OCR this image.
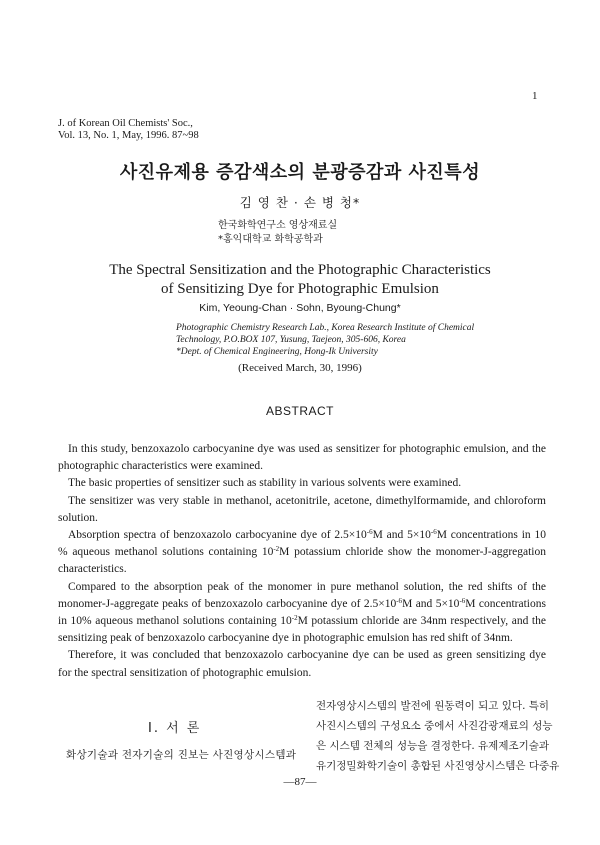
1
J. of Korean Oil Chemists' Soc.,
Vol. 13, No. 1, May, 1996. 87~98
사진유제용 증감색소의 분광증감과 사진특성
김 영 찬 · 손 병 청*
한국화학연구소 영상재료실
*홍익대학교 화학공학과
The Spectral Sensitization and the Photographic Characteristics
of Sensitizing Dye for Photographic Emulsion
Kim, Yeoung-Chan · Sohn, Byoung-Chung*
Photographic Chemistry Research Lab., Korea Research Institute of Chemical
Technology, P.O.BOX 107, Yusung, Taejeon, 305-606, Korea
*Dept. of Chemical Engineering, Hong-Ik University
(Received March, 30, 1996)
ABSTRACT

In this study, benzoxazolo carbocyanine dye was used as sensitizer for photographic emulsion, and the photographic characteristics were examined.

The basic properties of sensitizer such as stability in various solvents were examined.

The sensitizer was very stable in methanol, acetonitrile, acetone, dimethylformamide, and chloroform solution.

Absorption spectra of benzoxazolo carbocyanine dye of $2.5\times 10^{-6}M$ and $5\times 10^{-6}M$ concentrations in 10 % aqueous methanol solutions containing $10^{-2}M$ potassium chloride show the monomer-J-aggregation characteristics.

Compared to the absorption peak of the monomer in pure methanol solution, the red shifts of the monomer-J-aggregate peaks of benzoxazolo carbocyanine dye of $2.5\times 10^{-6}M$ and $5\times 10^{-6}M$ concentrations in 10% aqueous methanol solutions containing $10^{-2}M$ potassium chloride are 34nm respectively, and the sensitizing peak of benzoxazolo carbocyanine dye in photographic emulsion has red shift of 34nm.

Therefore, it was concluded that benzoxazolo carbocyanine dye can be used as green sensitizing dye for the spectral sensitization of photographic emulsion.

I. 서 론
화상기술과 전자기술의 진보는 사진영상시스템과
전자영상시스템의 발전에 원동력이 되고 있다. 특히
사진시스템의 구성요소 중에서 사진감광재료의 성능
은 시스템 전체의 성능을 결정한다. 유제제조기술과
유기정밀화학기술이 총합된 사진영상시스템은 다중유
—87—
